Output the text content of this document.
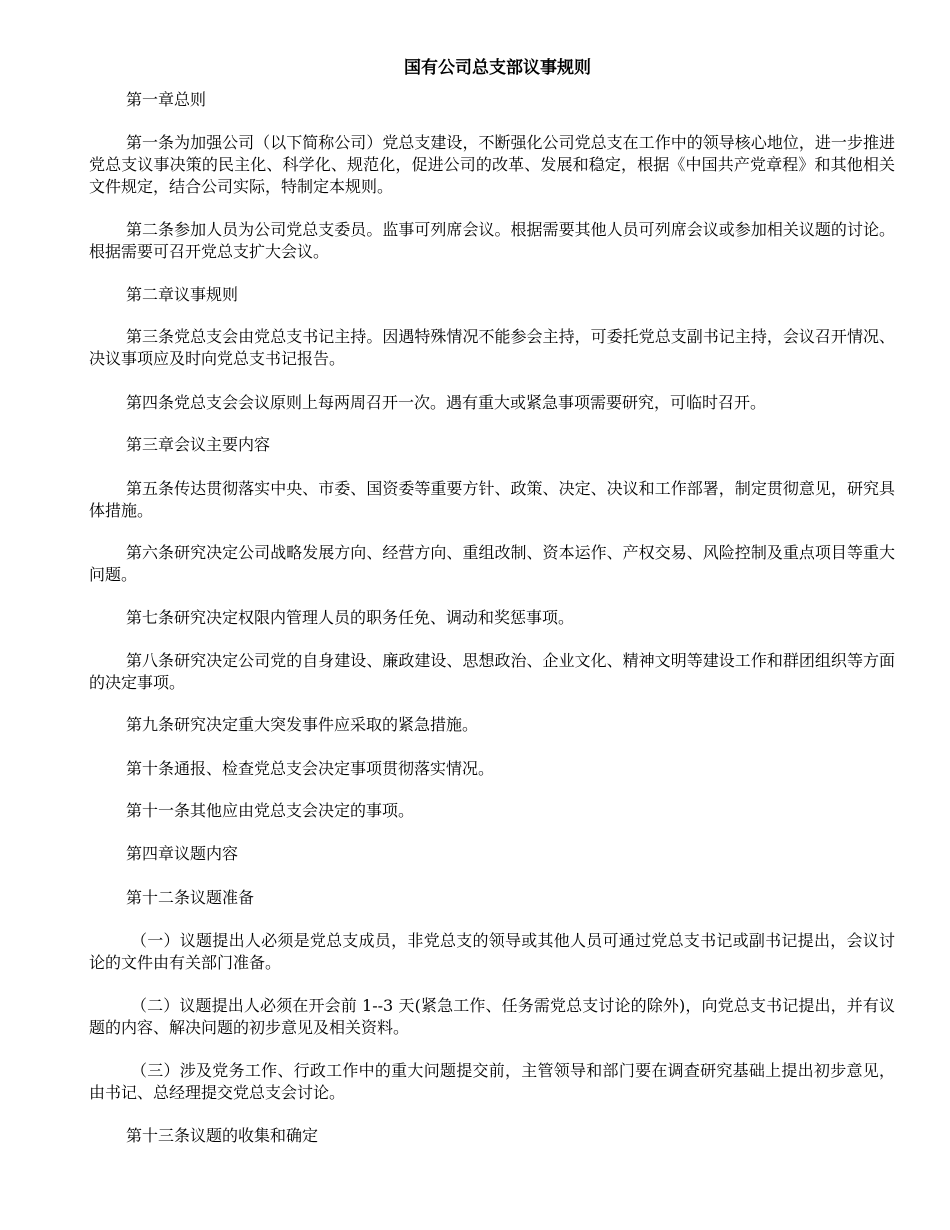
国有公司总支部议事规则

第一章总则

第一条为加强公司（以下简称公司）党总支建设，不断强化公司党总支在工作中的领导核心地位，进一步推进党总支议事决策的民主化、科学化、规范化，促进公司的改革、发展和稳定，根据《中国共产党章程》和其他相关文件规定，结合公司实际，特制定本规则。

第二条参加人员为公司党总支委员。监事可列席会议。根据需要其他人员可列席会议或参加相关议题的讨论。根据需要可召开党总支扩大会议。

第二章议事规则

第三条党总支会由党总支书记主持。因遇特殊情况不能参会主持，可委托党总支副书记主持，会议召开情况、决议事项应及时向党总支书记报告。

第四条党总支会会议原则上每两周召开一次。遇有重大或紧急事项需要研究，可临时召开。

第三章会议主要内容

第五条传达贯彻落实中央、市委、国资委等重要方针、政策、决定、决议和工作部署，制定贯彻意见，研究具体措施。

第六条研究决定公司战略发展方向、经营方向、重组改制、资本运作、产权交易、风险控制及重点项目等重大问题。

第七条研究决定权限内管理人员的职务任免、调动和奖惩事项。

第八条研究决定公司党的自身建设、廉政建设、思想政治、企业文化、精神文明等建设工作和群团组织等方面的决定事项。

第九条研究决定重大突发事件应采取的紧急措施。

第十条通报、检查党总支会决定事项贯彻落实情况。

第十一条其他应由党总支会决定的事项。

第四章议题内容

第十二条议题准备

（一）议题提出人必须是党总支成员，非党总支的领导或其他人员可通过党总支书记或副书记提出，会议讨论的文件由有关部门准备。

（二）议题提出人必须在开会前 1--3 天(紧急工作、任务需党总支讨论的除外)，向党总支书记提出，并有议题的内容、解决问题的初步意见及相关资料。

（三）涉及党务工作、行政工作中的重大问题提交前，主管领导和部门要在调查研究基础上提出初步意见，由书记、总经理提交党总支会讨论。

第十三条议题的收集和确定
